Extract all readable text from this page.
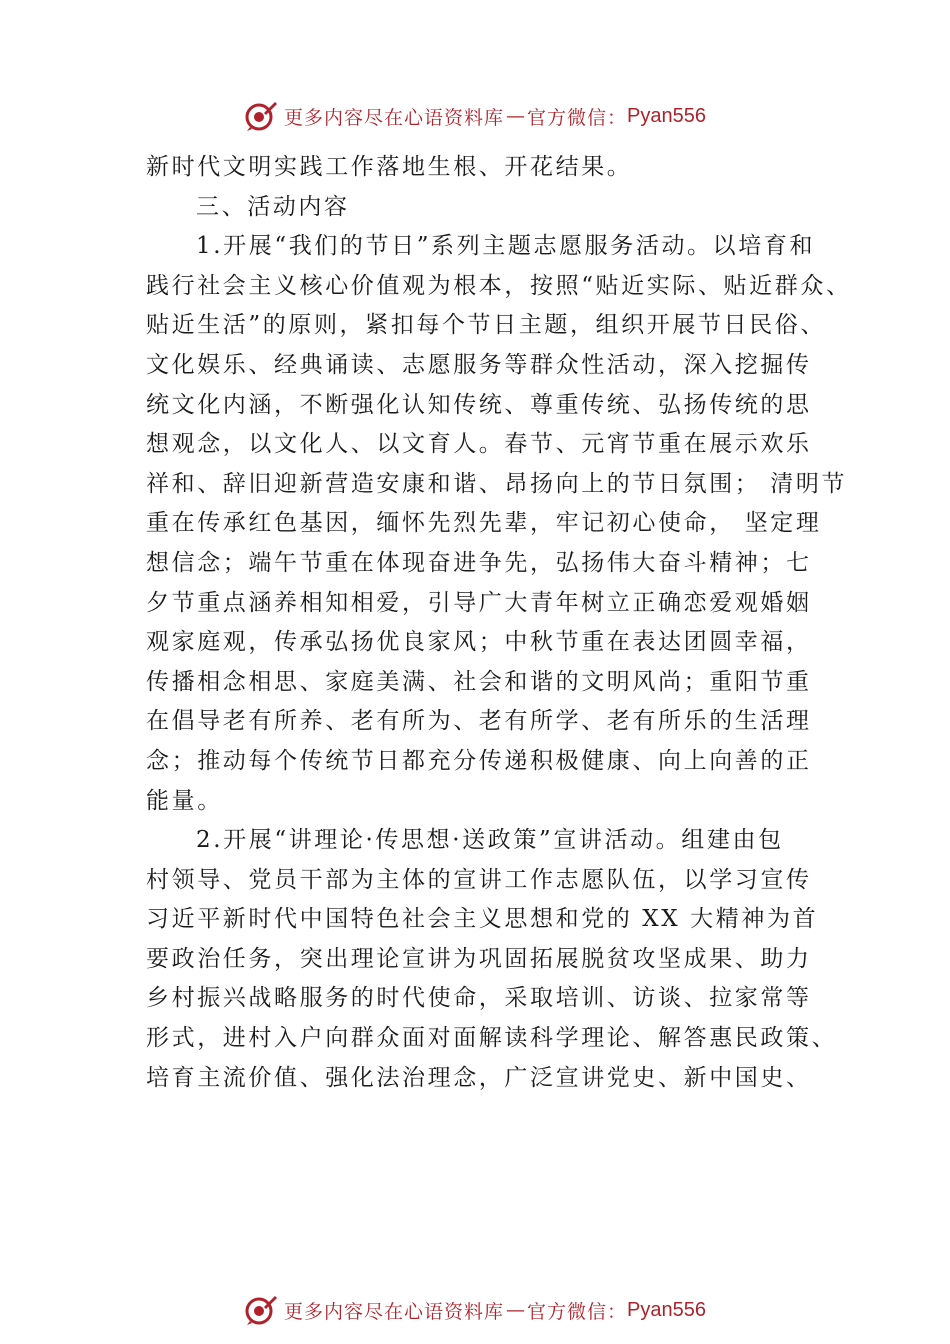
更多内容尽在心语资料库 — 官方微信： Pyan556
新时代文明实践工作落地生根、开花结果。
三、活动内容
1.开展“我们的节日”系列主题志愿服务活动。以培育和
践行社会主义核心价值观为根本，按照“贴近实际、贴近群众、
贴近生活”的原则，紧扣每个节日主题，组织开展节日民俗、
文化娱乐、经典诵读、志愿服务等群众性活动，深入挖掘传
统文化内涵，不断强化认知传统、尊重传统、弘扬传统的思
想观念，以文化人、以文育人。春节、元宵节重在展示欢乐
祥和、辞旧迎新营造安康和谐、昂扬向上的节日氛围； 清明节
重在传承红色基因，缅怀先烈先辈，牢记初心使命， 坚定理
想信念；端午节重在体现奋进争先，弘扬伟大奋斗精神；七
夕节重点涵养相知相爱，引导广大青年树立正确恋爱观婚姻
观家庭观，传承弘扬优良家风；中秋节重在表达团圆幸福，
传播相念相思、家庭美满、社会和谐的文明风尚；重阳节重
在倡导老有所养、老有所为、老有所学、老有所乐的生活理
念；推动每个传统节日都充分传递积极健康、向上向善的正
能量。
2.开展“讲理论·传思想·送政策”宣讲活动。组建由包
村领导、党员干部为主体的宣讲工作志愿队伍，以学习宣传
习近平新时代中国特色社会主义思想和党的 XX 大精神为首
要政治任务，突出理论宣讲为巩固拓展脱贫攻坚成果、助力
乡村振兴战略服务的时代使命，采取培训、访谈、拉家常等
形式，进村入户向群众面对面解读科学理论、解答惠民政策、
培育主流价值、强化法治理念，广泛宣讲党史、新中国史、
更多内容尽在心语资料库 — 官方微信： Pyan556
